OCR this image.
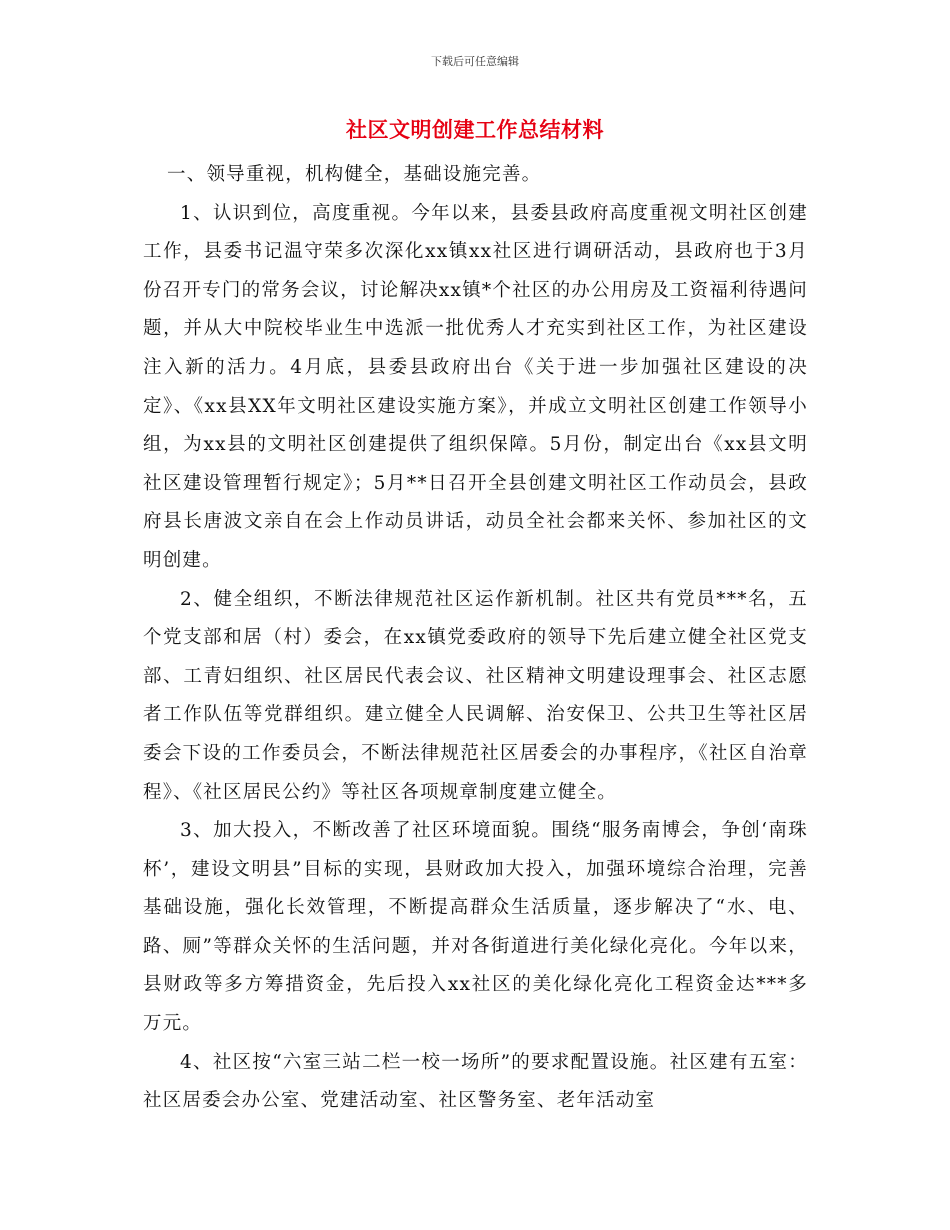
下载后可任意编辑
社区文明创建工作总结材料

一、领导重视，机构健全，基础设施完善。

1、认识到位，高度重视。今年以来，县委县政府高度重视文明社区创建工作，县委书记温守荣多次深化xx镇xx社区进行调研活动，县政府也于3月份召开专门的常务会议，讨论解决xx镇*个社区的办公用房及工资福利待遇问题，并从大中院校毕业生中选派一批优秀人才充实到社区工作，为社区建设注入新的活力。4月底，县委县政府出台《关于进一步加强社区建设的决定》、《xx县XX年文明社区建设实施方案》，并成立文明社区创建工作领导小组，为xx县的文明社区创建提供了组织保障。5月份，制定出台《xx县文明社区建设管理暂行规定》；5月**日召开全县创建文明社区工作动员会，县政府县长唐波文亲自在会上作动员讲话，动员全社会都来关怀、参加社区的文明创建。

2、健全组织，不断法律规范社区运作新机制。社区共有党员***名，五个党支部和居（村）委会，在xx镇党委政府的领导下先后建立健全社区党支部、工青妇组织、社区居民代表会议、社区精神文明建设理事会、社区志愿者工作队伍等党群组织。建立健全人民调解、治安保卫、公共卫生等社区居委会下设的工作委员会，不断法律规范社区居委会的办事程序，《社区自治章程》、《社区居民公约》等社区各项规章制度建立健全。

3、加大投入，不断改善了社区环境面貌。围绕“服务南博会，争创‘南珠杯’，建设文明县”目标的实现，县财政加大投入，加强环境综合治理，完善基础设施，强化长效管理，不断提高群众生活质量，逐步解决了“水、电、路、厕”等群众关怀的生活问题，并对各街道进行美化绿化亮化。今年以来，县财政等多方筹措资金，先后投入xx社区的美化绿化亮化工程资金达***多万元。

4、社区按“六室三站二栏一校一场所”的要求配置设施。社区建有五室：社区居委会办公室、党建活动室、社区警务室、老年活动室
